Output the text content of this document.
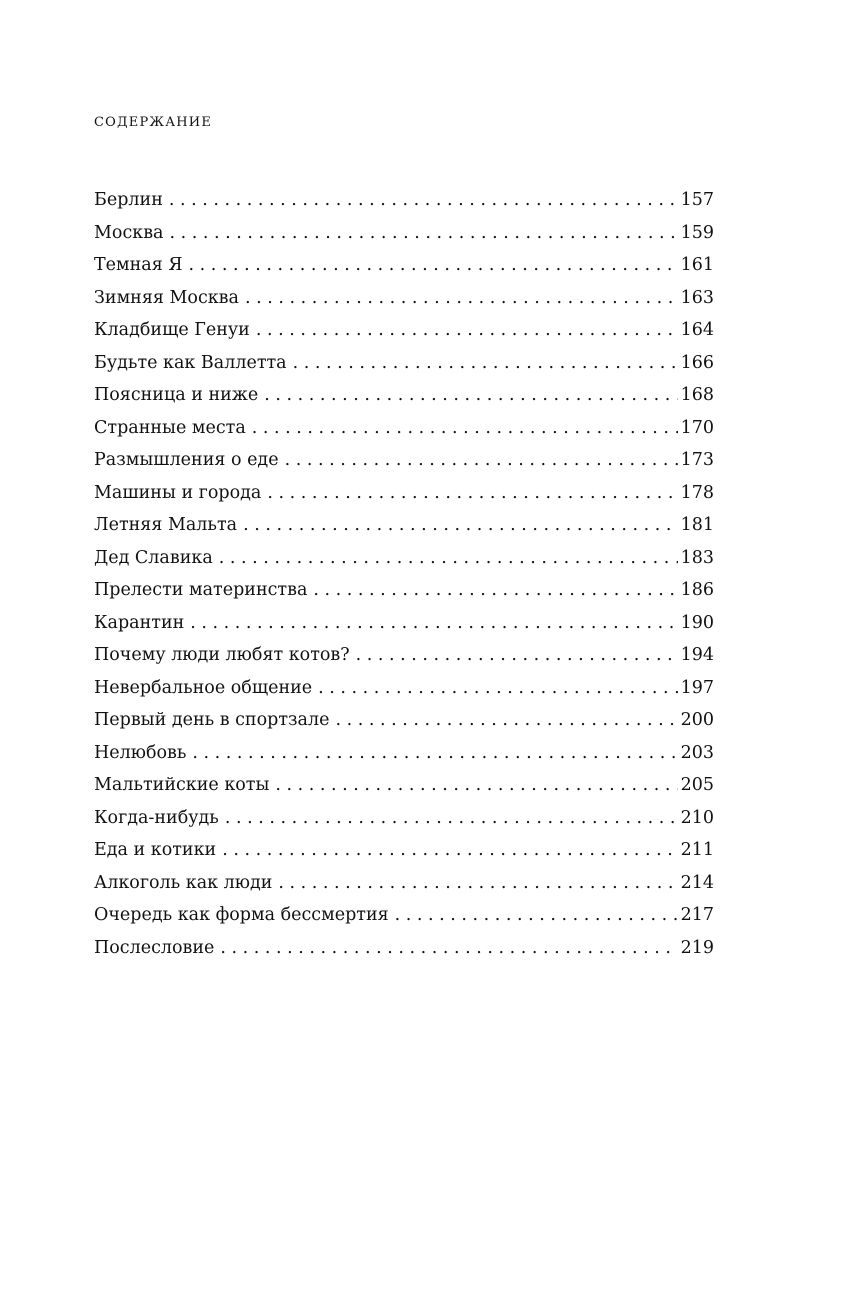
СОДЕРЖАНИЕ
Берлин . . .	157
Москва . . .	159
Темная Я . . .	161
Зимняя Москва . . .	163
Кладбище Генуи . . .	164
Будьте как Валлетта . . .	166
Поясница и ниже . . .	168
Странные места . . .	170
Размышления о еде . . .	173
Машины и города . . .	178
Летняя Мальта . . .	181
Дед Славика . . .	183
Прелести материнства . . .	186
Карантин . . .	190
Почему люди любят котов? . . .	194
Невербальное общение . . .	197
Первый день в спортзале . . .	200
Нелюбовь . . .	203
Мальтийские коты . . .	205
Когда-нибудь . . .	210
Еда и котики . . .	211
Алкоголь как люди . . .	214
Очередь как форма бессмертия . . .	217
Послесловие . . .	219
